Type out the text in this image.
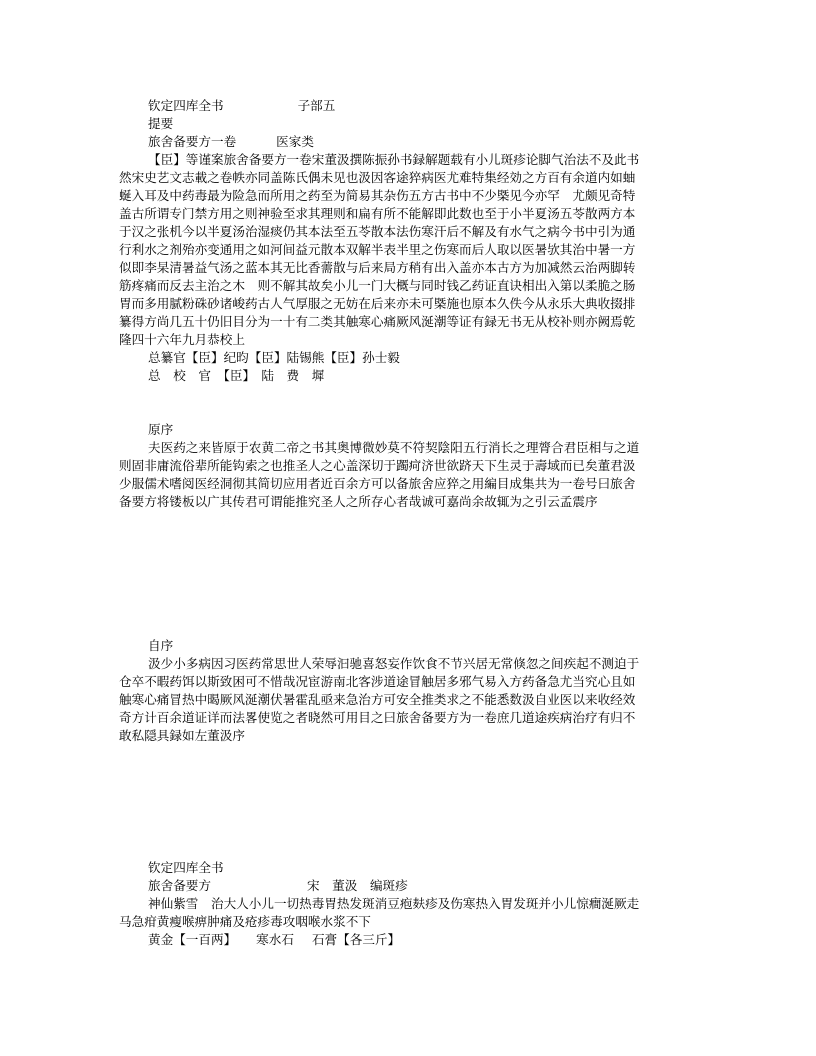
钦定四库全书	子部五
提要
旅舍备要方一卷	医家类
【臣】等谨案旅舍备要方一卷宋董汲撰陈振孙书録解题载有小儿斑疹论脚气治法不及此书
然宋史艺文志載之卷帙亦同盖陈氏偶未见也汲因客途猝病医尤难特集经効之方百有余道内如蚰
蜒入耳及中药毒最为险急而所用之药至为简易其杂伤五方古书中不少槩见今亦罕　尤颇见奇特
盖古所谓专门禁方用之则神验至求其理则和扁有所不能解即此数也至于小半夏汤五苓散两方本
于汉之张机今以半夏汤治湿痰仍其本法至五苓散本法伤寒汗后不解及有水气之病今书中引为通
行利水之剂殆亦变通用之如河间益元散本双解半表半里之伤寒而后人取以医暑欤其治中暑一方
似即李杲清暑益气汤之蓝本其无比香薷散与后来局方稍有出入盖亦本古方为加减然云治两脚转
筋疼痛而反去主治之木　则不解其故矣小儿一门大概与同时钱乙药证直诀相出入第以柔脆之肠
胃而多用腻粉硃砂诸峻药古人气厚服之无妨在后来亦未可槩施也原本久佚今从永乐大典收掇排
纂得方尚几五十仍旧目分为一十有二类其触寒心痛厥风涎潮等证有録无书无从校补则亦阙焉乾
隆四十六年九月恭校上
总纂官【臣】纪昀【臣】陆锡熊【臣】孙士毅
总　校　官　【臣】　陆　费　墀
原序
夫医药之来皆原于农黄二帝之书其奥博微妙莫不符契陰阳五行消长之理膂合君臣相与之道
则固非庸流俗辈所能钩索之也推圣人之心盖深切于躅疴济世欲跻天下生灵于壽域而已矣董君汲
少服儒术嗜阅医经洞彻其简切应用者近百余方可以备旅舍应猝之用編目成集共为一卷号曰旅舍
备要方将镂板以广其传君可谓能推究圣人之所存心者哉诚可嘉尚余故辄为之引云孟震序
自序
汲少小多病因习医药常思世人荣辱汩驰喜怒妄作饮食不节兴居无常倏忽之间疾起不测迫于
仓卒不暇药饵以斯致困可不惜哉况宦游南北客涉道途冒触居多邪气易入方药备急尤当究心且如
触寒心痛冒热中暍厥风涎潮伏暑霍乱亟来急治方可安全推类求之不能悉数汲自业医以来收经效
奇方计百余道证详而法畧使览之者晓然可用目之曰旅舍备要方为一卷庶几道途疾病治疗有归不
敢私隠具録如左董汲序
钦定四库全书
旅舍备要方	宋　董汲　编斑疹
神仙紫雪　治大人小儿一切热毒胃热发斑消豆疱麸疹及伤寒热入胃发斑并小儿惊癎涎厥走
马急疳黄瘦喉痹肿痛及疮疹毒攻咽喉水浆不下
黄金【一百两】 寒水石 石膏【各三斤】
